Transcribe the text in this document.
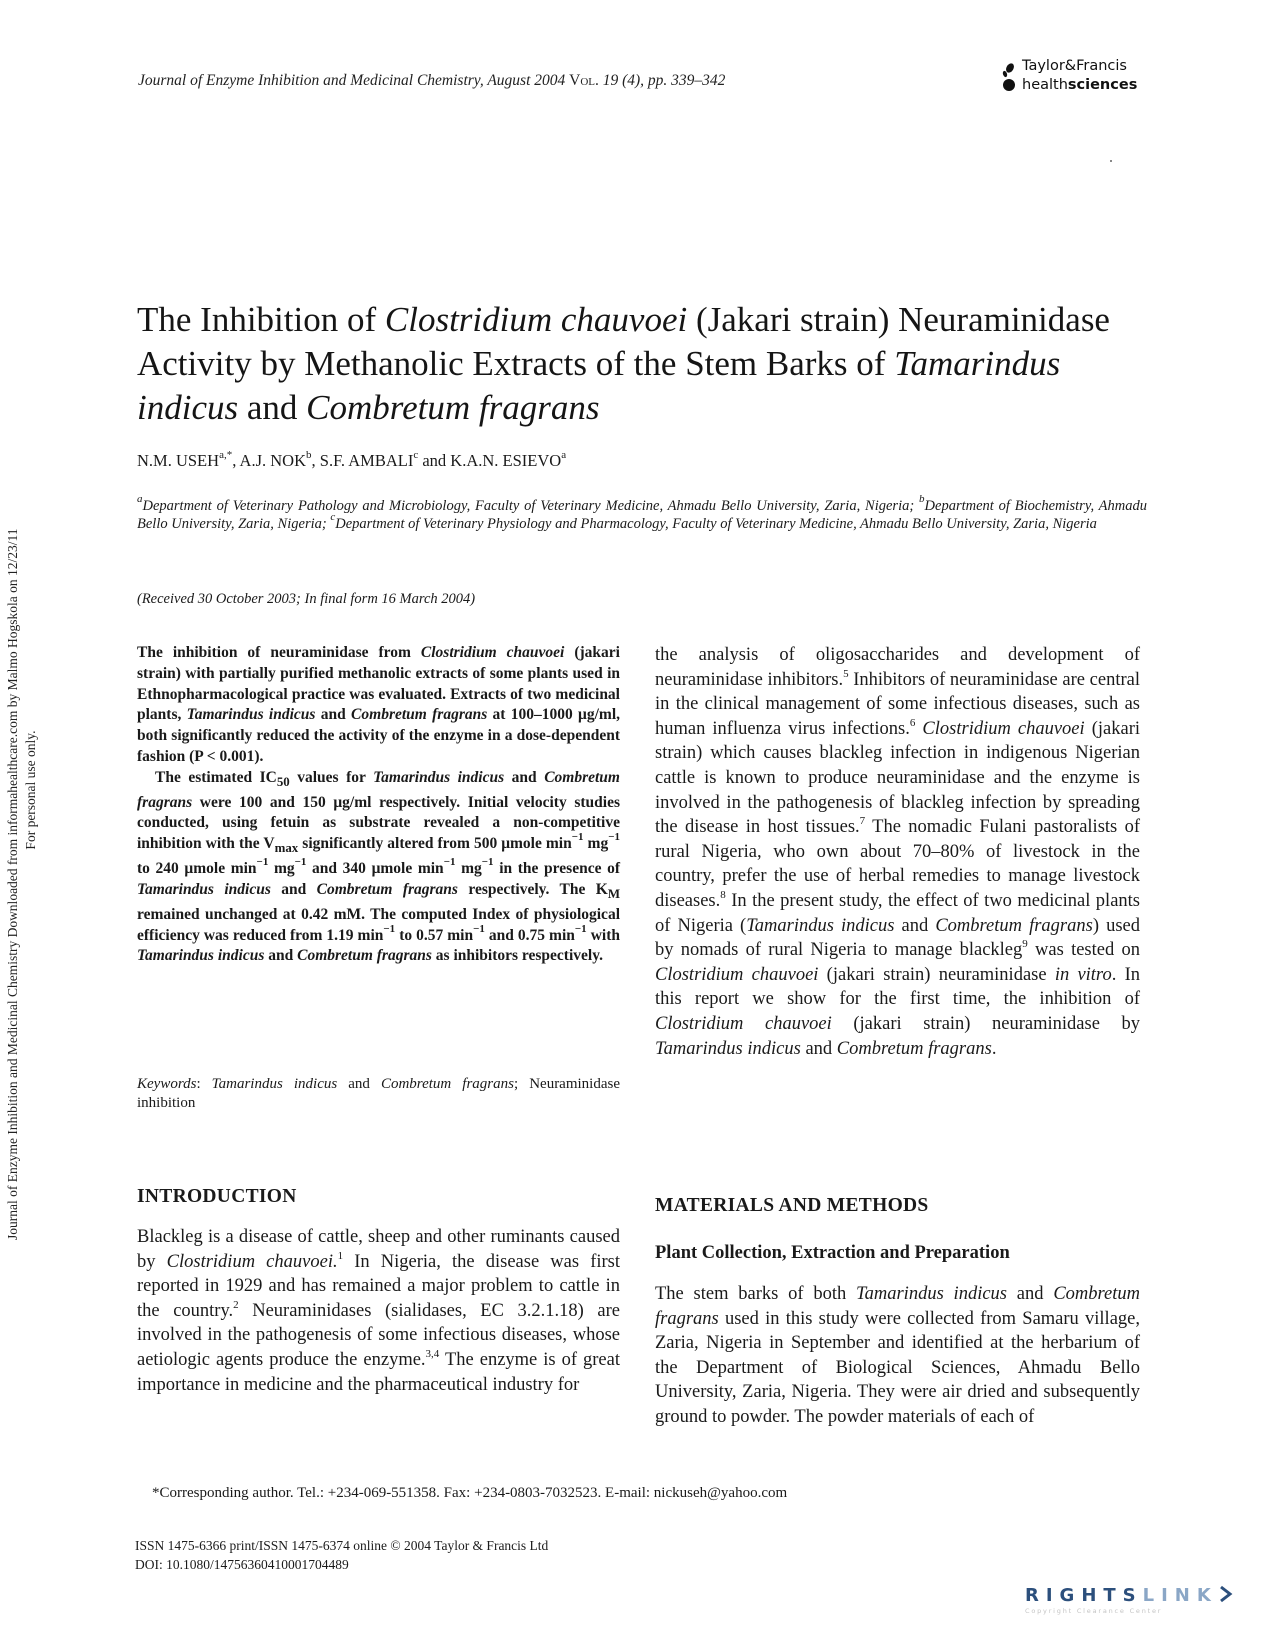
Journal of Enzyme Inhibition and Medicinal Chemistry, August 2004 Vol. 19 (4), pp. 339–342
Taylor&Francis
healthsciences
Journal of Enzyme Inhibition and Medicinal Chemistry Downloaded from informahealthcare.com by Malmo Hogskola on 12/23/11 For personal use only.
The Inhibition of Clostridium chauvoei (Jakari strain) Neuraminidase Activity by Methanolic Extracts of the Stem Barks of Tamarindus indicus and Combretum fragrans
N.M. $USEH^{a,*}$, A.J. NOK$^b$, S.F. AMBALI$^c$ and K.A.N. ESIEVO$^a$
$^a$Department of Veterinary Pathology and Microbiology, Faculty of Veterinary Medicine, Ahmadu Bello University, Zaria, Nigeria; $^b$Department of Biochemistry, Ahmadu Bello University, Zaria, Nigeria; $^c$Department of Veterinary Physiology and Pharmacology, Faculty of Veterinary Medicine, Ahmadu Bello University, Zaria, Nigeria
(Received 30 October 2003; In final form 16 March 2004)

The inhibition of neuraminidase from Clostridium chauvoei (jakari strain) with partially purified methanolic extracts of some plants used in Ethnopharmacological practice was evaluated. Extracts of two medicinal plants, Tamarindus indicus and Combretum fragrans at 100–1000 μg/ml, both significantly reduced the activity of the enzyme in a dose-dependent fashion (P < 0.001).

The estimated $IC_{50}$ values for Tamarindus indicus and Combretum fragrans were 100 and 150 μg/ml respectively. Initial velocity studies conducted, using fetuin as substrate revealed a non-competitive inhibition with the $V_{max}$ significantly altered from 500 μmole $\min^{-1} mg^{-1}$ to 240 μmole $\min^{-1} mg^{-1}$ and 340 μmole $\min^{-1} mg^{-1}$ in the presence of Tamarindus indicus and Combretum fragrans respectively. The $K_M$ remained unchanged at 0.42 mM. The computed Index of physiological efficiency was reduced from 1.19 $\min^{-1}$ to 0.57 $\min^{-1}$ and 0.75 $\min^{-1}$ with Tamarindus indicus and Combretum fragrans as inhibitors respectively.

Keywords: Tamarindus indicus and Combretum fragrans; Neuraminidase inhibition
INTRODUCTION

Blackleg is a disease of cattle, sheep and other ruminants caused by Clostridium chauvoei.$^1$ In Nigeria, the disease was first reported in 1929 and has remained a major problem to cattle in the country.$^2$ Neuraminidases (sialidases, EC 3.2.1.18) are involved in the pathogenesis of some infectious diseases, whose aetiologic agents produce the enzyme.$^{3,4}$ The enzyme is of great importance in medicine and the pharmaceutical industry for

the analysis of oligosaccharides and development of neuraminidase inhibitors.$^5$ Inhibitors of neuraminidase are central in the clinical management of some infectious diseases, such as human influenza virus infections.$^6$ Clostridium chauvoei (jakari strain) which causes blackleg infection in indigenous Nigerian cattle is known to produce neuraminidase and the enzyme is involved in the pathogenesis of blackleg infection by spreading the disease in host tissues.$^7$ The nomadic Fulani pastoralists of rural Nigeria, who own about 70–80% of livestock in the country, prefer the use of herbal remedies to manage livestock diseases.$^8$ In the present study, the effect of two medicinal plants of Nigeria (Tamarindus indicus and Combretum fragrans) used by nomads of rural Nigeria to manage blackleg$^9$ was tested on Clostridium chauvoei (jakari strain) neuraminidase in vitro. In this report we show for the first time, the inhibition of Clostridium chauvoei (jakari strain) neuraminidase by Tamarindus indicus and Combretum fragrans.

MATERIALS AND METHODS
Plant Collection, Extraction and Preparation

The stem barks of both Tamarindus indicus and Combretum fragrans used in this study were collected from Samaru village, Zaria, Nigeria in September and identified at the herbarium of the Department of Biological Sciences, Ahmadu Bello University, Zaria, Nigeria. They were air dried and subsequently ground to powder. The powder materials of each of

*Corresponding author. Tel.: +234-069-551358. Fax: +234-0803-7032523. E-mail: nickuseh@yahoo.com
ISSN 1475-6366 print/ISSN 1475-6374 online © 2004 Taylor & Francis Ltd
DOI: 10.1080/14756360410001704489
RIGHTSLINK
Copyright Clearance Center
